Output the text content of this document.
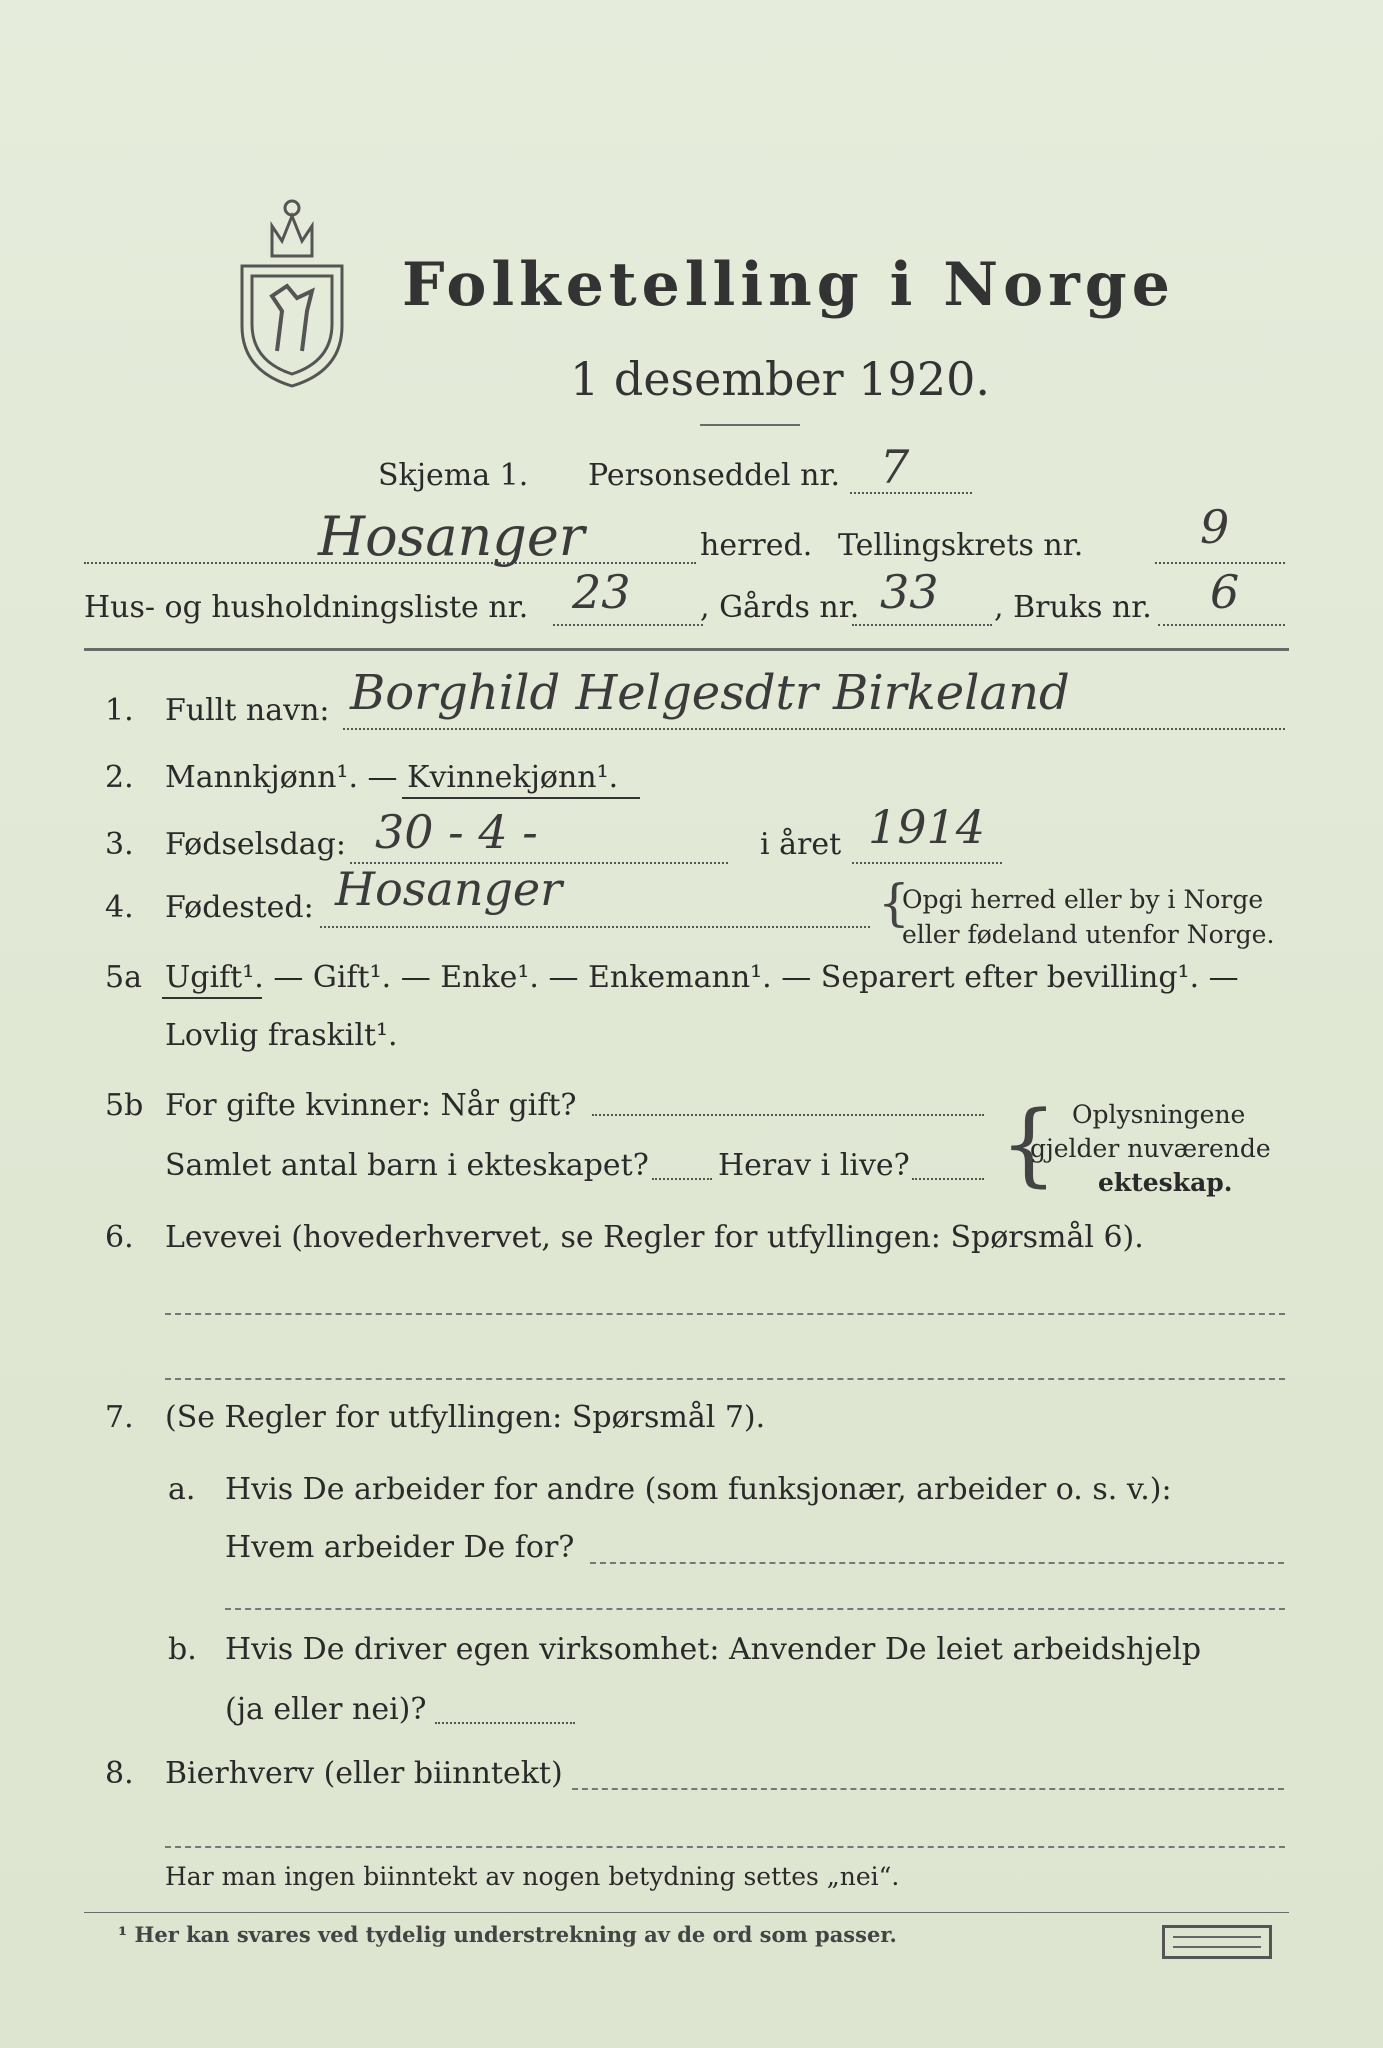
Folketelling i Norge
1 desember 1920.
Skjema 1. Personseddel nr. 7
Hosanger	herred. Tellingskrets nr.	9
Hus- og husholdningsliste nr. 23 , Gårds nr. 33 , Bruks nr. 6
1. Fullt navn: Borghild Helgesdtr Birkeland
2. Mannkjønn¹. — Kvinnekjønn¹.
3. Fødselsdag: 30 - 4 -	i året 1914
4. Fødested: Hosanger	{
Opgi herred eller by i Norge
eller fødeland utenfor Norge.
5a Ugift¹. — Gift¹. — Enke¹. — Enkemann¹. — Separert efter bevilling¹. —
Lovlig fraskilt¹.
5b For gifte kvinner: Når gift?
Samlet antal barn i ekteskapet? Herav i live? { Oplysningene
gjelder nuværende
ekteskap.
6. Levevei (hovederhvervet, se Regler for utfyllingen: Spørsmål 6).
7. (Se Regler for utfyllingen: Spørsmål 7).
a. Hvis De arbeider for andre (som funksjonær, arbeider o. s. v.):
Hvem arbeider De for?
b. Hvis De driver egen virksomhet: Anvender De leiet arbeidshjelp
(ja eller nei)?
8. Bierhverv (eller biinntekt)
Har man ingen biinntekt av nogen betydning settes „nei“.
¹ Her kan svares ved tydelig understrekning av de ord som passer.
